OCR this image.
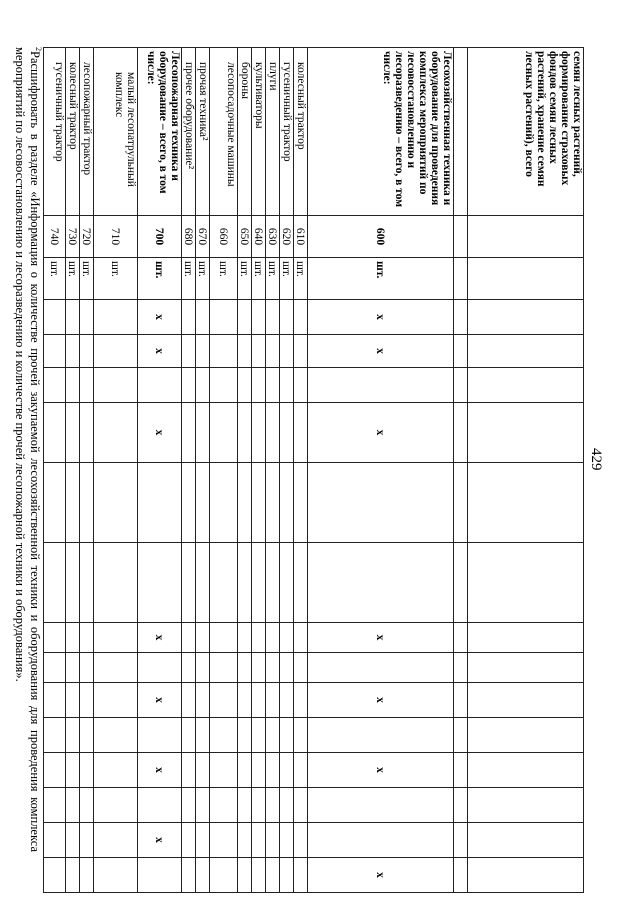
429
семян лесных растений, формирование страховых фондов семян лесных растений, хранение семян лесных растений), всего																	

Лесохозяйственная техника и оборудование для проведения комплекса мероприятий по лесовосстановлению и лесоразведению – всего, в том числе:	600	шт.	x	x		x			x		x		x			x	
колесный трактор	610	шт.															
гусеничный трактор	620	шт.															
плуги	630	шт.															
культиваторы	640	шт.															
бороны	650	шт.															
лесопосадочные машины	660	шт.															
прочая техника²	670	шт.															
прочее оборудование²	680	шт.															
Лесопожарная техника и оборудование – всего, в том числе:	700	шт.	x	x		x			x		x		x		x		
малый лесопатрульный комплекс	710	шт.															
лесопожарный трактор	720	шт.															
колесный трактор	730	шт.															
гусеничный трактор	740	шт.															
$^2$Расшифровать в разделе «Информация о количестве прочей закупаемой лесохозяйственной техники и оборудования для проведения комплекса мероприятий по лесовосстановлению и лесоразведению и количестве прочей лесопожарной техники и оборудования».
